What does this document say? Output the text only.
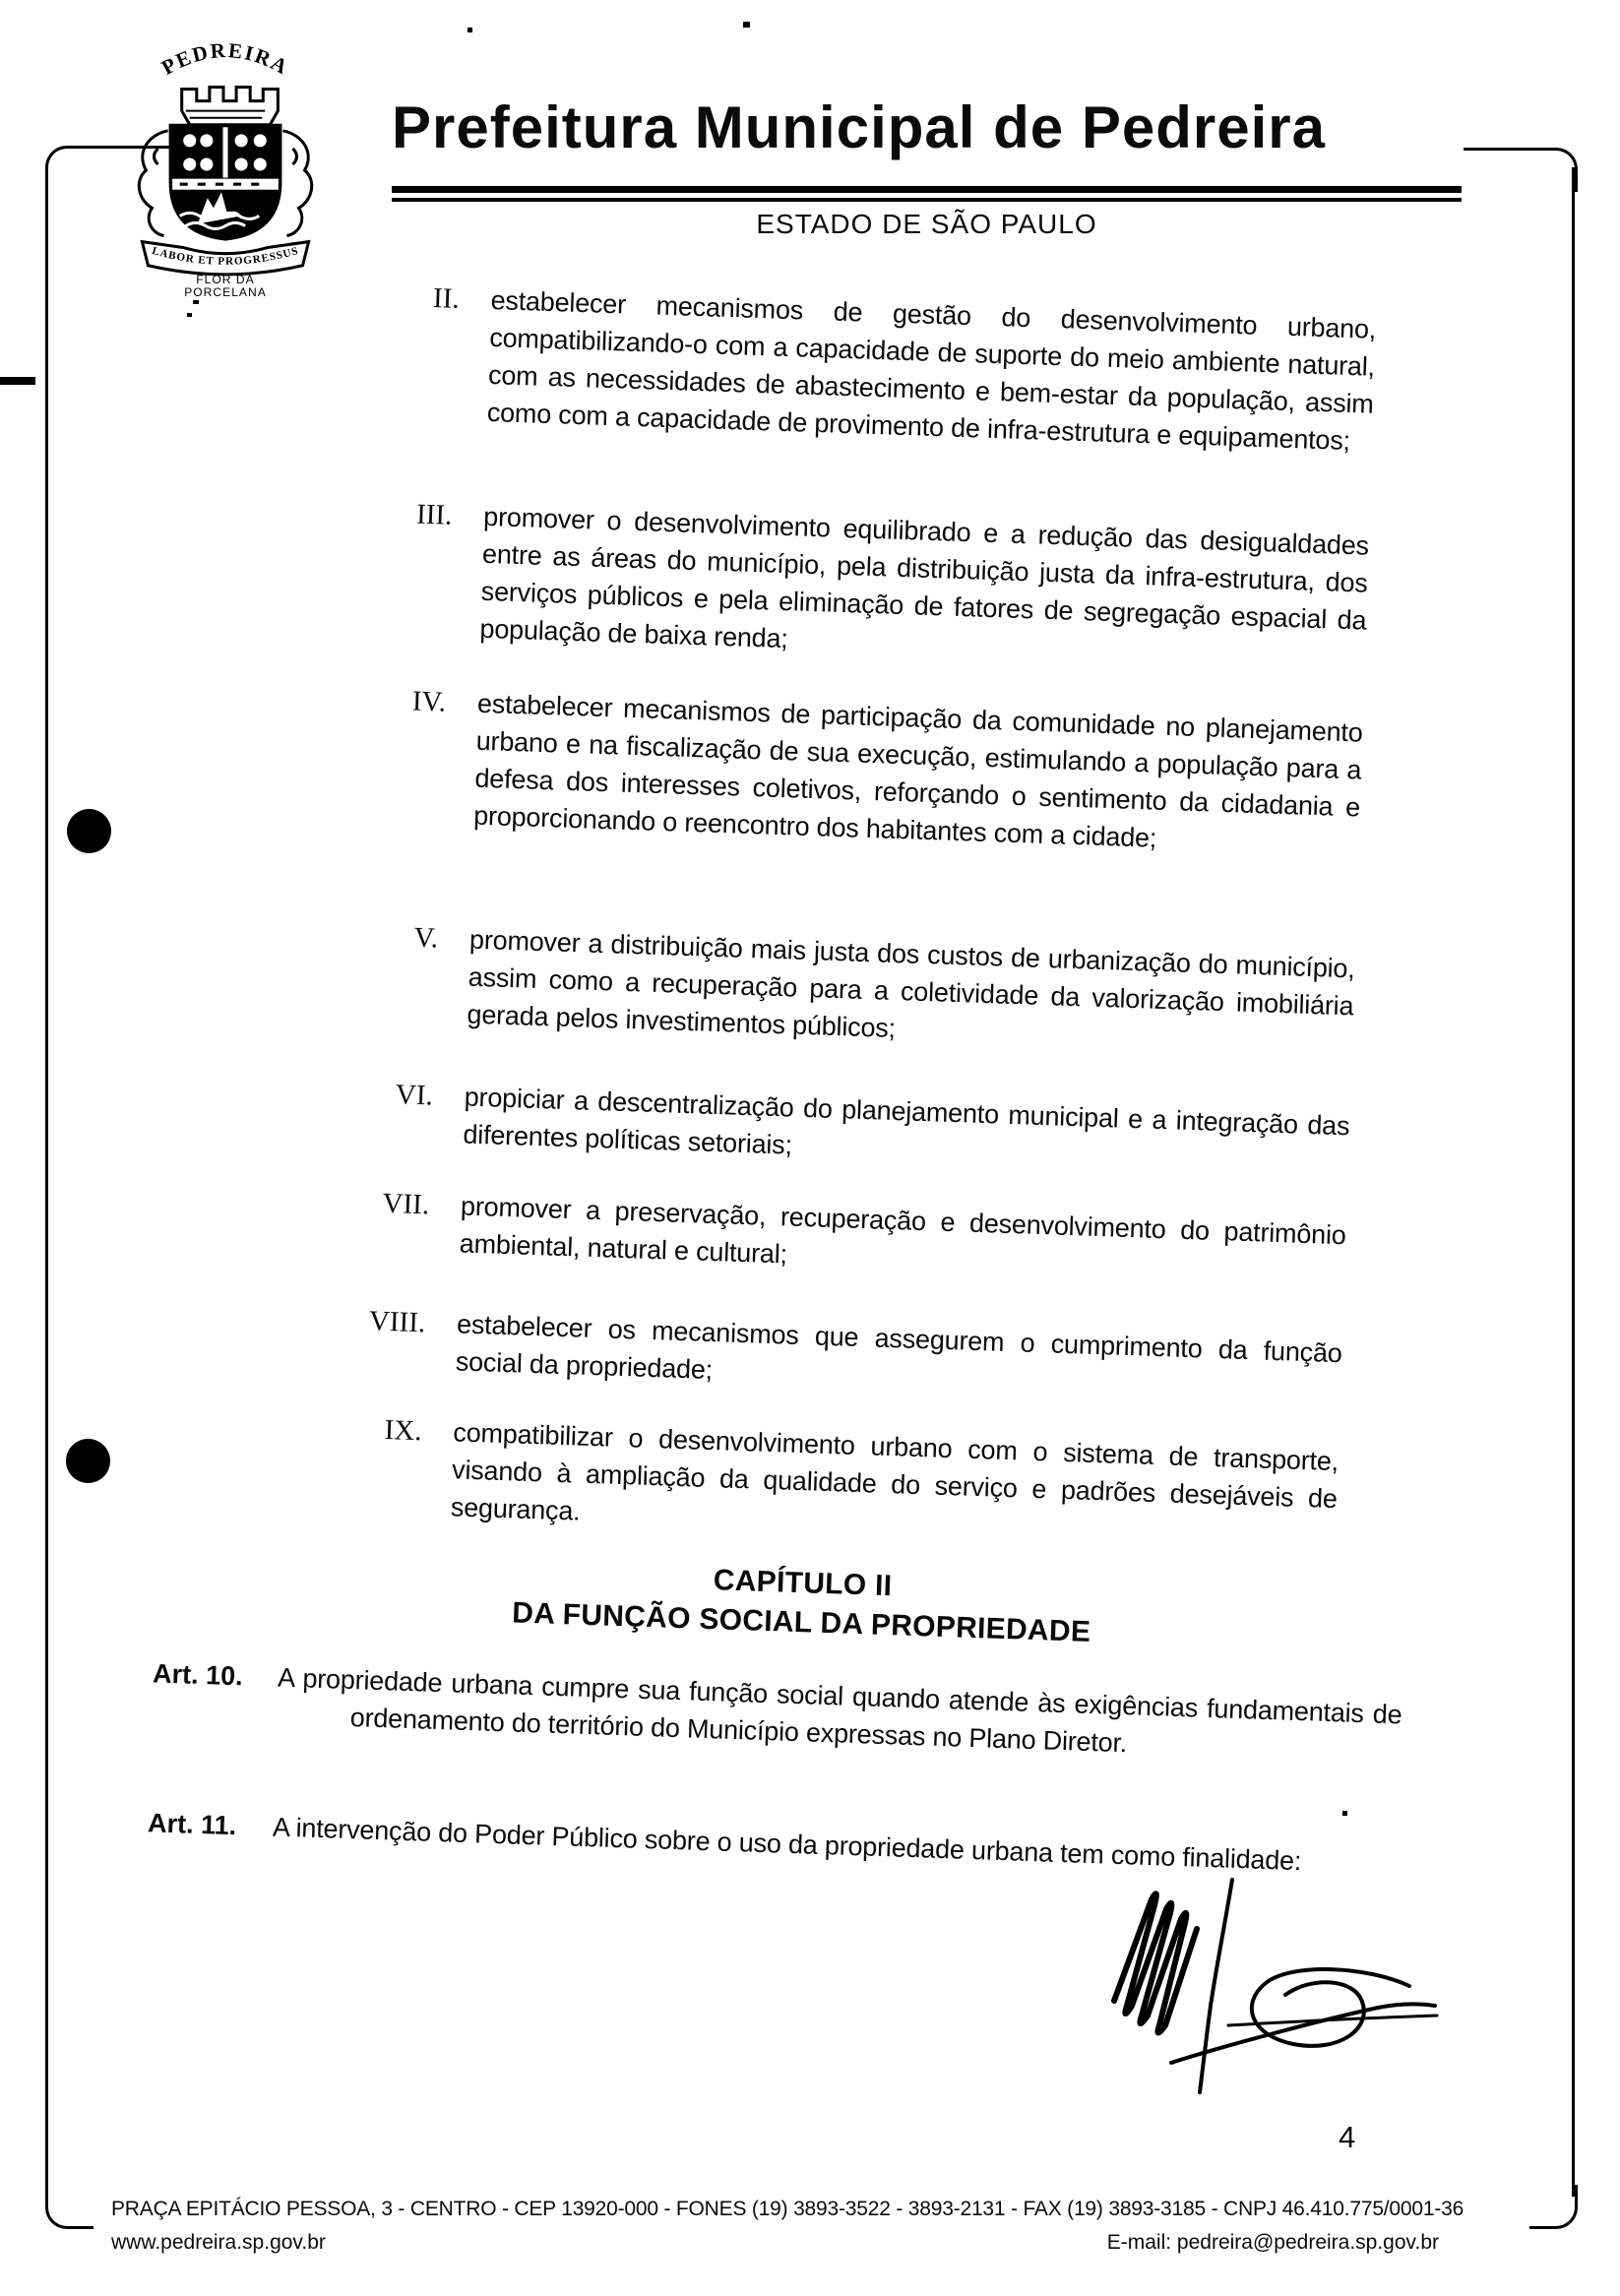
PEDREIRA
LABOR ET PROGRESSUS
FLOR DA
PORCELANA
Prefeitura Municipal de Pedreira
ESTADO DE SÃO PAULO
II. estabelecer mecanismos de gestão do desenvolvimento urbano, compatibilizando-o com a capacidade de suporte do meio ambiente natural, com as necessidades de abastecimento e bem-estar da população, assim como com a capacidade de provimento de infra-estrutura e equipamentos;
III. promover o desenvolvimento equilibrado e a redução das desigualdades entre as áreas do município, pela distribuição justa da infra-estrutura, dos serviços públicos e pela eliminação de fatores de segregação espacial da população de baixa renda;
IV. estabelecer mecanismos de participação da comunidade no planejamento urbano e na fiscalização de sua execução, estimulando a população para a defesa dos interesses coletivos, reforçando o sentimento da cidadania e proporcionando o reencontro dos habitantes com a cidade;
V. promover a distribuição mais justa dos custos de urbanização do município, assim como a recuperação para a coletividade da valorização imobiliária gerada pelos investimentos públicos;
VI. propiciar a descentralização do planejamento municipal e a integração das diferentes políticas setoriais;
VII. promover a preservação, recuperação e desenvolvimento do patrimônio ambiental, natural e cultural;
VIII. estabelecer os mecanismos que assegurem o cumprimento da função social da propriedade;
IX. compatibilizar o desenvolvimento urbano com o sistema de transporte, visando à ampliação da qualidade do serviço e padrões desejáveis de segurança.
CAPÍTULO II
DA FUNÇÃO SOCIAL DA PROPRIEDADE
Art. 10.	A propriedade urbana cumpre sua função social quando atende às exigências fundamentais de ordenamento do território do Município expressas no Plano Diretor.
Art. 11.	A intervenção do Poder Público sobre o uso da propriedade urbana tem como finalidade:
4
PRAÇA EPITÁCIO PESSOA, 3 - CENTRO - CEP 13920-000 - FONES (19) 3893-3522 - 3893-2131 - FAX (19) 3893-3185 - CNPJ 46.410.775/0001-36
www.pedreira.sp.gov.br	E-mail: pedreira@pedreira.sp.gov.br
